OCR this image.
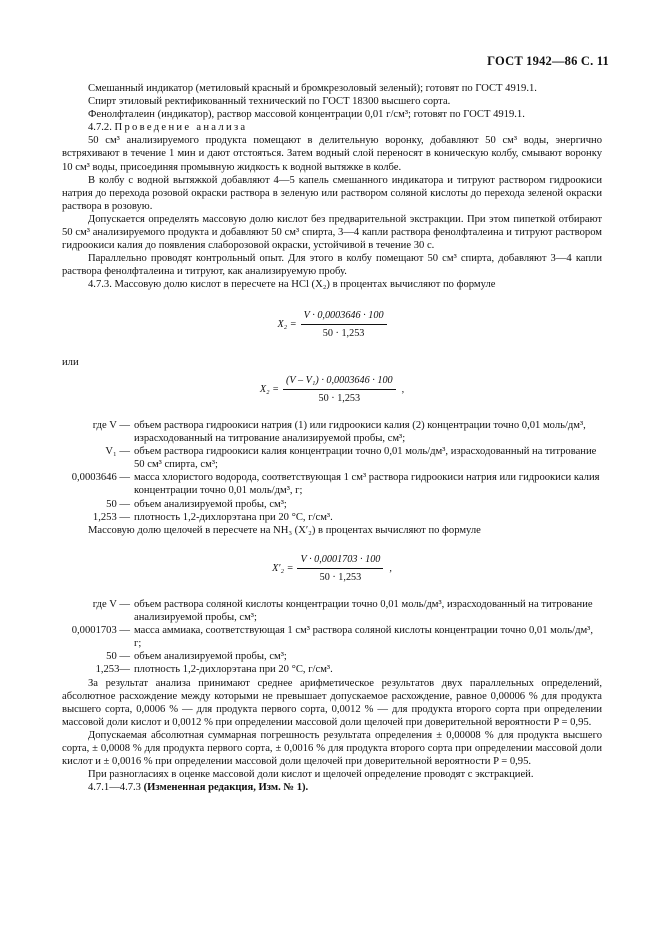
ГОСТ 1942—86 С. 11

Смешанный индикатор (метиловый красный и бромкрезоловый зеленый); готовят по ГОСТ 4919.1.

Спирт этиловый ректификованный технический по ГОСТ 18300 высшего сорта.

Фенолфталеин (индикатор), раствор массовой концентрации 0,01 г/см³; готовят по ГОСТ 4919.1.

4.7.2. Проведение анализа

50 см³ анализируемого продукта помещают в делительную воронку, добавляют 50 см³ воды, энергично встряхивают в течение 1 мин и дают отстояться. Затем водный слой переносят в коническую колбу, смывают воронку 10 см³ воды, присоединяя промывную жидкость к водной вытяжке в колбе.

В колбу с водной вытяжкой добавляют 4—5 капель смешанного индикатора и титруют раствором гидроокиси натрия до перехода розовой окраски раствора в зеленую или раствором соляной кислоты до перехода зеленой окраски раствора в розовую.

Допускается определять массовую долю кислот без предварительной экстракции. При этом пипеткой отбирают 50 см³ анализируемого продукта и добавляют 50 см³ спирта, 3—4 капли раствора фенолфталеина и титруют раствором гидроокиси калия до появления слаборозовой окраски, устойчивой в течение 30 с.

Параллельно проводят контрольный опыт. Для этого в колбу помещают 50 см³ спирта, добавляют 3—4 капли раствора фенолфталеина и титруют, как анализируемую пробу.

4.7.3. Массовую долю кислот в пересчете на HCl (X₂) в процентах вычисляют по формуле

$X_2 = \frac{V \cdot 0,0003646 \cdot 100}{50 \cdot 1,253}$

или

$X_2 = \frac{\text{(V – V₁) · 0,0003646 · 100}}{50 \cdot 1,253}$ ,
где V — объем раствора гидроокиси натрия (1) или гидроокиси калия (2) концентрации точно 0,01 моль/дм³, израсходованный на титрование анализируемой пробы, см³;
V₁ — объем раствора гидроокиси калия концентрации точно 0,01 моль/дм³, израсходованный на титрование 50 см³ спирта, см³;
0,0003646 — масса хлористого водорода, соответствующая 1 см³ раствора гидроокиси натрия или гидроокиси калия концентрации точно 0,01 моль/дм³, г;
50 — объем анализируемой пробы, см³;
1,253 — плотность 1,2-дихлорэтана при 20 °С, г/см³.

Массовую долю щелочей в пересчете на NH₃ (X′₂) в процентах вычисляют по формуле

$X'_2 = \frac{V \cdot 0,0001703 \cdot 100}{50 \cdot 1,253}$ ,
где V — объем раствора соляной кислоты концентрации точно 0,01 моль/дм³, израсходованный на титрование анализируемой пробы, см³;
0,0001703 — масса аммиака, соответствующая 1 см³ раствора соляной кислоты концентрации точно 0,01 моль/дм³, г;
50 — объем анализируемой пробы, см³;
1,253— плотность 1,2-дихлорэтана при 20 °С, г/см³.

За результат анализа принимают среднее арифметическое результатов двух параллельных определений, абсолютное расхождение между которыми не превышает допускаемое расхождение, равное 0,00006 % для продукта высшего сорта, 0,0006 % — для продукта первого сорта, 0,0012 % — для продукта второго сорта при определении массовой доли кислот и 0,0012 % при определении массовой доли щелочей при доверительной вероятности P = 0,95.

Допускаемая абсолютная суммарная погрешность результата определения ± 0,00008 % для продукта высшего сорта, ± 0,0008 % для продукта первого сорта, ± 0,0016 % для продукта второго сорта при определении массовой доли кислот и ± 0,0016 % при определении массовой доли щелочей при доверительной вероятности P = 0,95.

При разногласиях в оценке массовой доли кислот и щелочей определение проводят с экстракцией.

4.7.1—4.7.3 (Измененная редакция, Изм. № 1).
